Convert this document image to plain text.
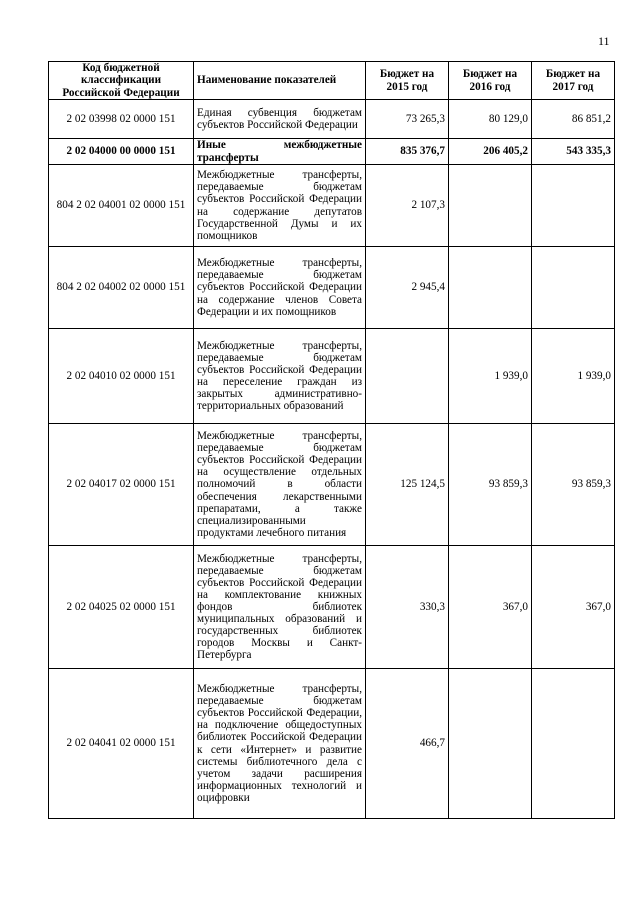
11
Код бюджетной классификации Российской Федерации	Наименование показателей	Бюджет на 2015 год	Бюджет на 2016 год	Бюджет на 2017 год
2 02 03998 02 0000 151	Единая субвенция бюджетам субъектов Российской Федерации	73 265,3	80 129,0	86 851,2
2 02 04000 00 0000 151	Иные межбюджетные трансферты	835 376,7	206 405,2	543 335,3
804 2 02 04001 02 0000 151	Межбюджетные трансферты, передаваемые бюджетам субъектов Российской Федерации на содержание депутатов Государственной Думы и их помощников	2 107,3		
804 2 02 04002 02 0000 151	Межбюджетные трансферты, передаваемые бюджетам субъектов Российской Федерации на содержание членов Совета Федерации и их помощников	2 945,4		
2 02 04010 02 0000 151	Межбюджетные трансферты, передаваемые бюджетам субъектов Российской Федерации на переселение граждан из закрытых административно-территориальных образований		1 939,0	1 939,0
2 02 04017 02 0000 151	Межбюджетные трансферты, передаваемые бюджетам субъектов Российской Федерации на осуществление отдельных полномочий в области обеспечения лекарственными препаратами, а также специализированными продуктами лечебного питания	125 124,5	93 859,3	93 859,3
2 02 04025 02 0000 151	Межбюджетные трансферты, передаваемые бюджетам субъектов Российской Федерации на комплектование книжных фондов библиотек муниципальных образований и государственных библиотек городов Москвы и Санкт-Петербурга	330,3	367,0	367,0
2 02 04041 02 0000 151	Межбюджетные трансферты, передаваемые бюджетам субъектов Российской Федерации, на подключение общедоступных библиотек Российской Федерации к сети «Интернет» и развитие системы библиотечного дела с учетом задачи расширения информационных технологий и оцифровки	466,7		
